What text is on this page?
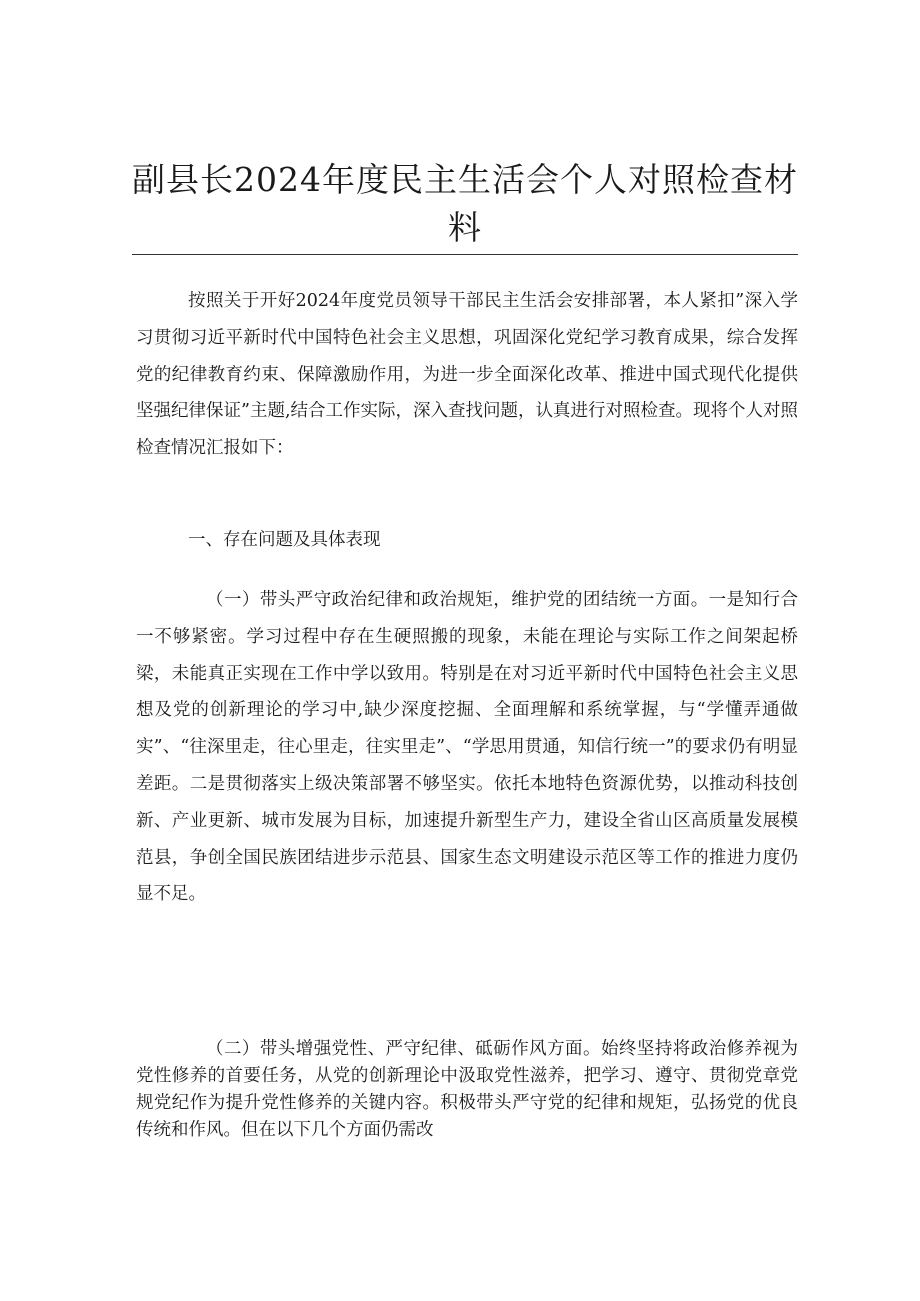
副县长2024年度民主生活会个人对照检查材
料

按照关于开好2024年度党员领导干部民主生活会安排部署，本人紧扣”深入学习贯彻习近平新时代中国特色社会主义思想，巩固深化党纪学习教育成果，综合发挥党的纪律教育约束、保障激励作用，为进一步全面深化改革、推进中国式现代化提供坚强纪律保证”主题,结合工作实际，深入查找问题，认真进行对照检查。现将个人对照检查情况汇报如下：

一、存在问题及具体表现

（一）带头严守政治纪律和政治规矩，维护党的团结统一方面。一是知行合一不够紧密。学习过程中存在生硬照搬的现象，未能在理论与实际工作之间架起桥梁，未能真正实现在工作中学以致用。特别是在对习近平新时代中国特色社会主义思想及党的创新理论的学习中,缺少深度挖掘、全面理解和系统掌握，与“学懂弄通做实”、“往深里走，往心里走，往实里走”、“学思用贯通，知信行统一”的要求仍有明显差距。二是贯彻落实上级决策部署不够坚实。依托本地特色资源优势，以推动科技创新、产业更新、城市发展为目标，加速提升新型生产力，建设全省山区高质量发展模范县，争创全国民族团结进步示范县、国家生态文明建设示范区等工作的推进力度仍显不足。

（二）带头增强党性、严守纪律、砥砺作风方面。始终坚持将政治修养视为党性修养的首要任务，从党的创新理论中汲取党性滋养，把学习、遵守、贯彻党章党规党纪作为提升党性修养的关键内容。积极带头严守党的纪律和规矩，弘扬党的优良传统和作风。但在以下几个方面仍需改
